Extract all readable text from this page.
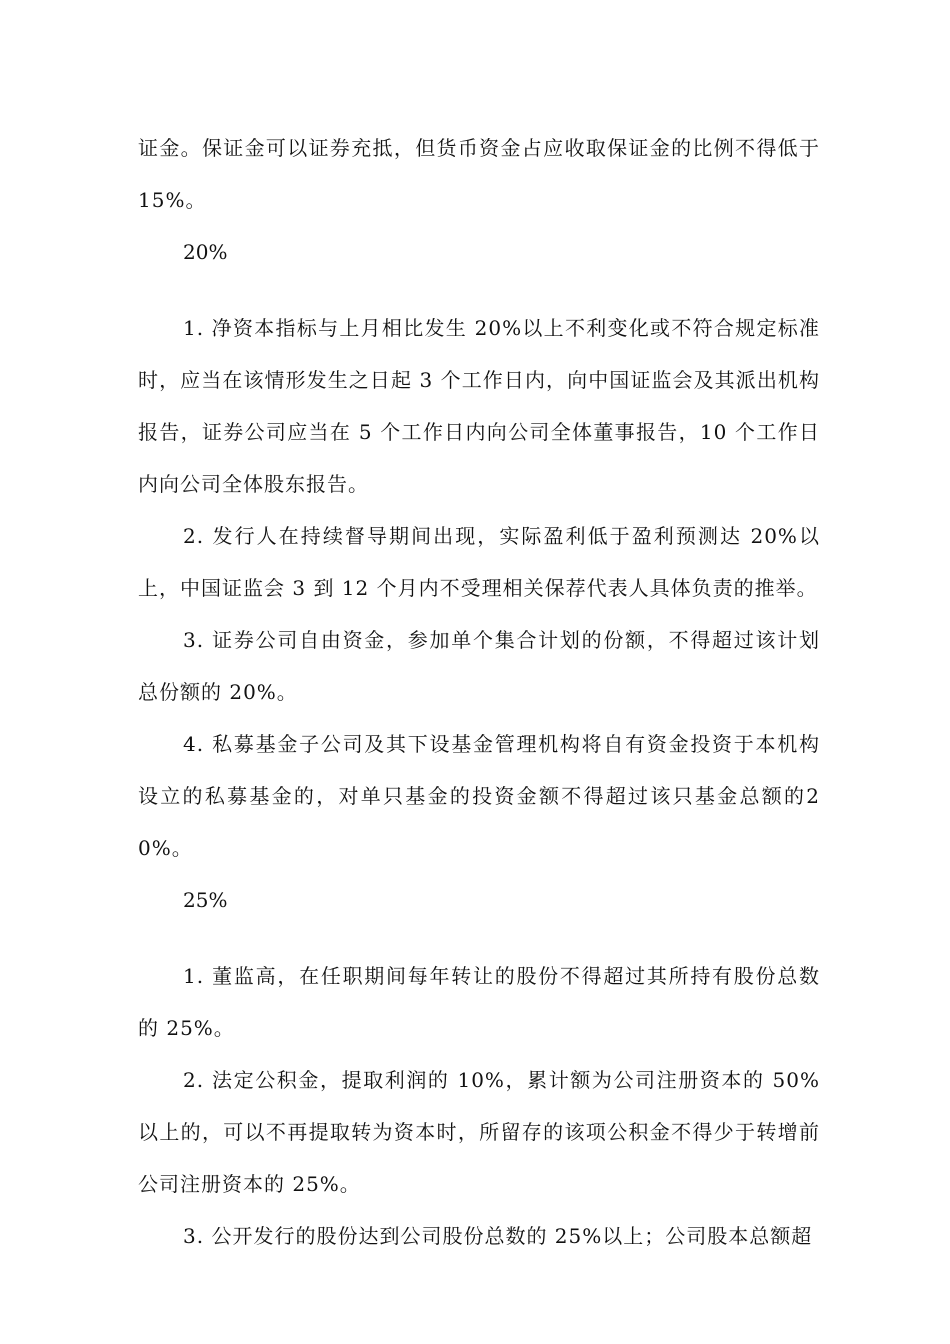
证金。保证金可以证券充抵，但货币资金占应收取保证金的比例不得低于 15%。

20%

1. 净资本指标与上月相比发生 20%以上不利变化或不符合规定标准时，应当在该情形发生之日起 3 个工作日内，向中国证监会及其派出机构报告，证券公司应当在 5 个工作日内向公司全体董事报告，10 个工作日内向公司全体股东报告。

2. 发行人在持续督导期间出现，实际盈利低于盈利预测达 20%以上，中国证监会 3 到 12 个月内不受理相关保荐代表人具体负责的推举。

3. 证券公司自由资金，参加单个集合计划的份额，不得超过该计划总份额的 20%。

4. 私募基金子公司及其下设基金管理机构将自有资金投资于本机构设立的私募基金的，对单只基金的投资金额不得超过该只基金总额的20%。

25%

1. 董监高，在任职期间每年转让的股份不得超过其所持有股份总数的 25%。

2. 法定公积金，提取利润的 10%，累计额为公司注册资本的 50%以上的，可以不再提取转为资本时，所留存的该项公积金不得少于转增前公司注册资本的 25%。

3. 公开发行的股份达到公司股份总数的 25%以上；公司股本总额超
